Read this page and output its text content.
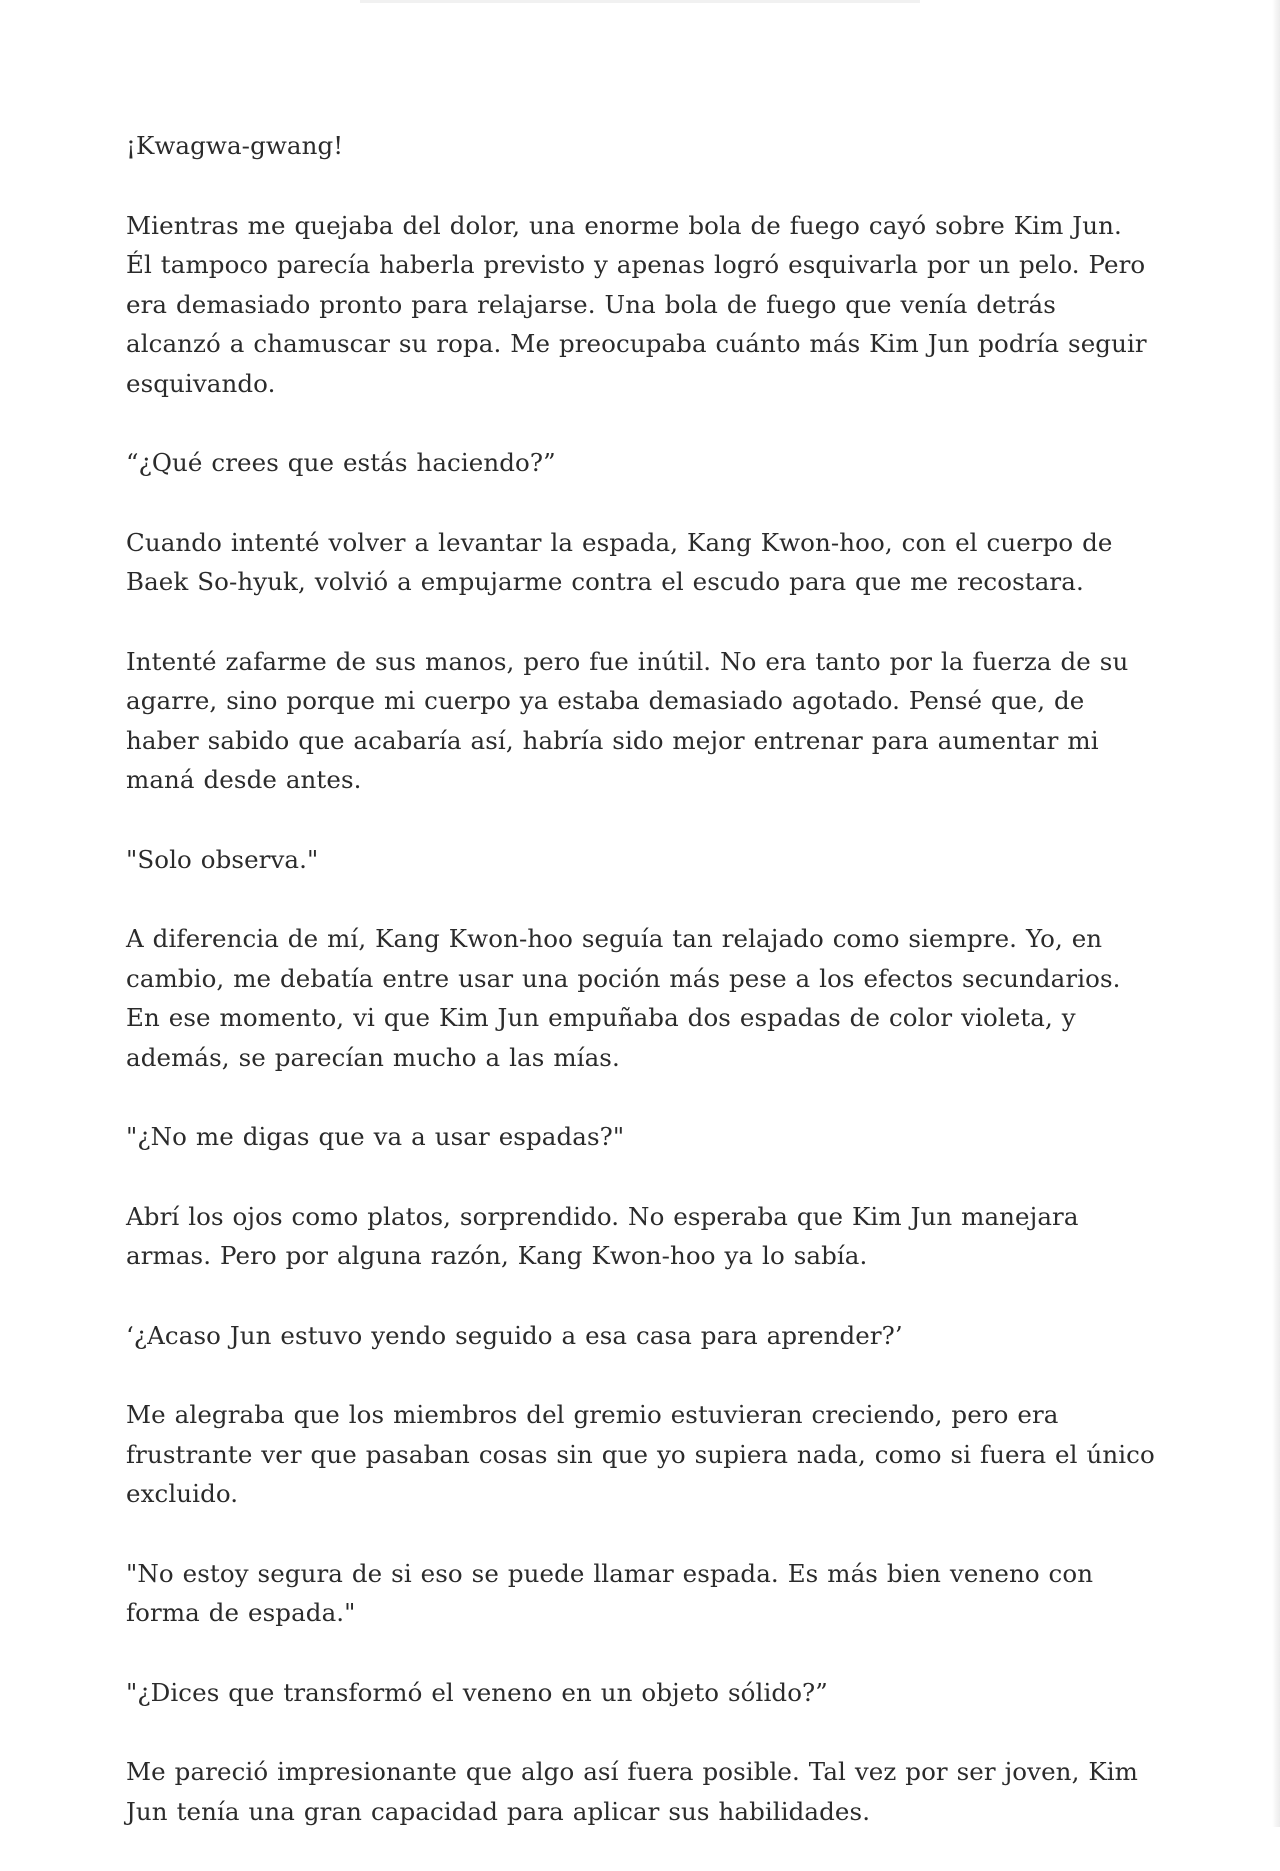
¡Kwagwa-gwang!

Mientras me quejaba del dolor, una enorme bola de fuego cayó sobre Kim Jun. Él tampoco parecía haberla previsto y apenas logró esquivarla por un pelo. Pero era demasiado pronto para relajarse. Una bola de fuego que venía detrás alcanzó a chamuscar su ropa. Me preocupaba cuánto más Kim Jun podría seguir esquivando.

“¿Qué crees que estás haciendo?”

Cuando intenté volver a levantar la espada, Kang Kwon-hoo, con el cuerpo de Baek So-hyuk, volvió a empujarme contra el escudo para que me recostara.

Intenté zafarme de sus manos, pero fue inútil. No era tanto por la fuerza de su agarre, sino porque mi cuerpo ya estaba demasiado agotado. Pensé que, de haber sabido que acabaría así, habría sido mejor entrenar para aumentar mi maná desde antes.

"Solo observa."

A diferencia de mí, Kang Kwon-hoo seguía tan relajado como siempre. Yo, en cambio, me debatía entre usar una poción más pese a los efectos secundarios. En ese momento, vi que Kim Jun empuñaba dos espadas de color violeta, y además, se parecían mucho a las mías.

"¿No me digas que va a usar espadas?"

Abrí los ojos como platos, sorprendido. No esperaba que Kim Jun manejara armas. Pero por alguna razón, Kang Kwon-hoo ya lo sabía.

‘¿Acaso Jun estuvo yendo seguido a esa casa para aprender?’

Me alegraba que los miembros del gremio estuvieran creciendo, pero era frustrante ver que pasaban cosas sin que yo supiera nada, como si fuera el único excluido.

"No estoy segura de si eso se puede llamar espada. Es más bien veneno con forma de espada."

"¿Dices que transformó el veneno en un objeto sólido?”

Me pareció impresionante que algo así fuera posible. Tal vez por ser joven, Kim Jun tenía una gran capacidad para aplicar sus habilidades.
